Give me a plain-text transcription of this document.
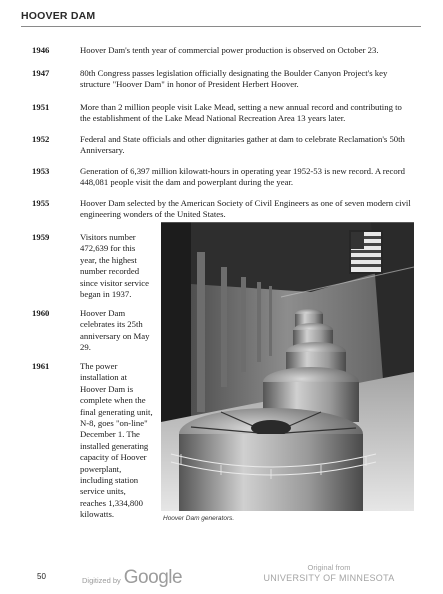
HOOVER DAM
1946	Hoover Dam's tenth year of commercial power production is observed on October 23.
1947	80th Congress passes legislation officially designating the Boulder Canyon Project's key structure "Hoover Dam" in honor of President Herbert Hoover.
1951	More than 2 million people visit Lake Mead, setting a new annual record and contributing to the establishment of the Lake Mead National Recreation Area 13 years later.
1952	Federal and State officials and other dignitaries gather at dam to celebrate Reclamation's 50th Anniversary.
1953	Generation of 6,397 million kilowatt-hours in operating year 1952-53 is new record. A record 448,081 people visit the dam and powerplant during the year.
1955	Hoover Dam selected by the American Society of Civil Engineers as one of seven modern civil engineering wonders of the United States.
1959	Visitors number 472,639 for this year, the highest number recorded since visitor service began in 1937.
1960	Hoover Dam celebrates its 25th anniversary on May 29.
1961	The power installation at Hoover Dam is complete when the final generating unit, N-8, goes "on-line" December 1. The installed generating capacity of Hoover powerplant, including station service units, reaches 1,334,800 kilowatts.	Hoover Dam generators.
50	Digitized by Google	Original from
UNIVERSITY OF MINNESOTA
